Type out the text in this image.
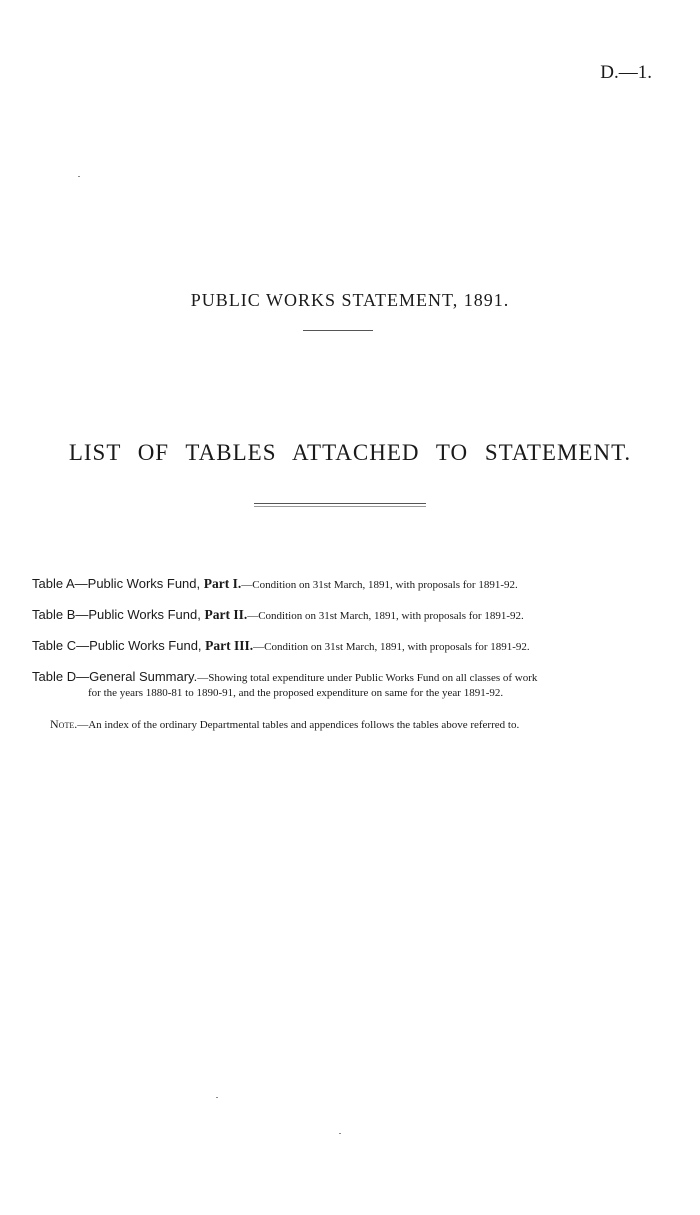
D.—1.
PUBLIC WORKS STATEMENT, 1891.
LIST OF TABLES ATTACHED TO STATEMENT.
Table A—Public Works Fund, Part I.—Condition on 31st March, 1891, with proposals for 1891-92.
Table B—Public Works Fund, Part II.—Condition on 31st March, 1891, with proposals for 1891-92.
Table C—Public Works Fund, Part III.—Condition on 31st March, 1891, with proposals for 1891-92.
Table D—General Summary.—Showing total expenditure under Public Works Fund on all classes of work
for the years 1880-81 to 1890-91, and the proposed expenditure on same for the year 1891-92.
Note.—An index of the ordinary Departmental tables and appendices follows the tables above referred to.
